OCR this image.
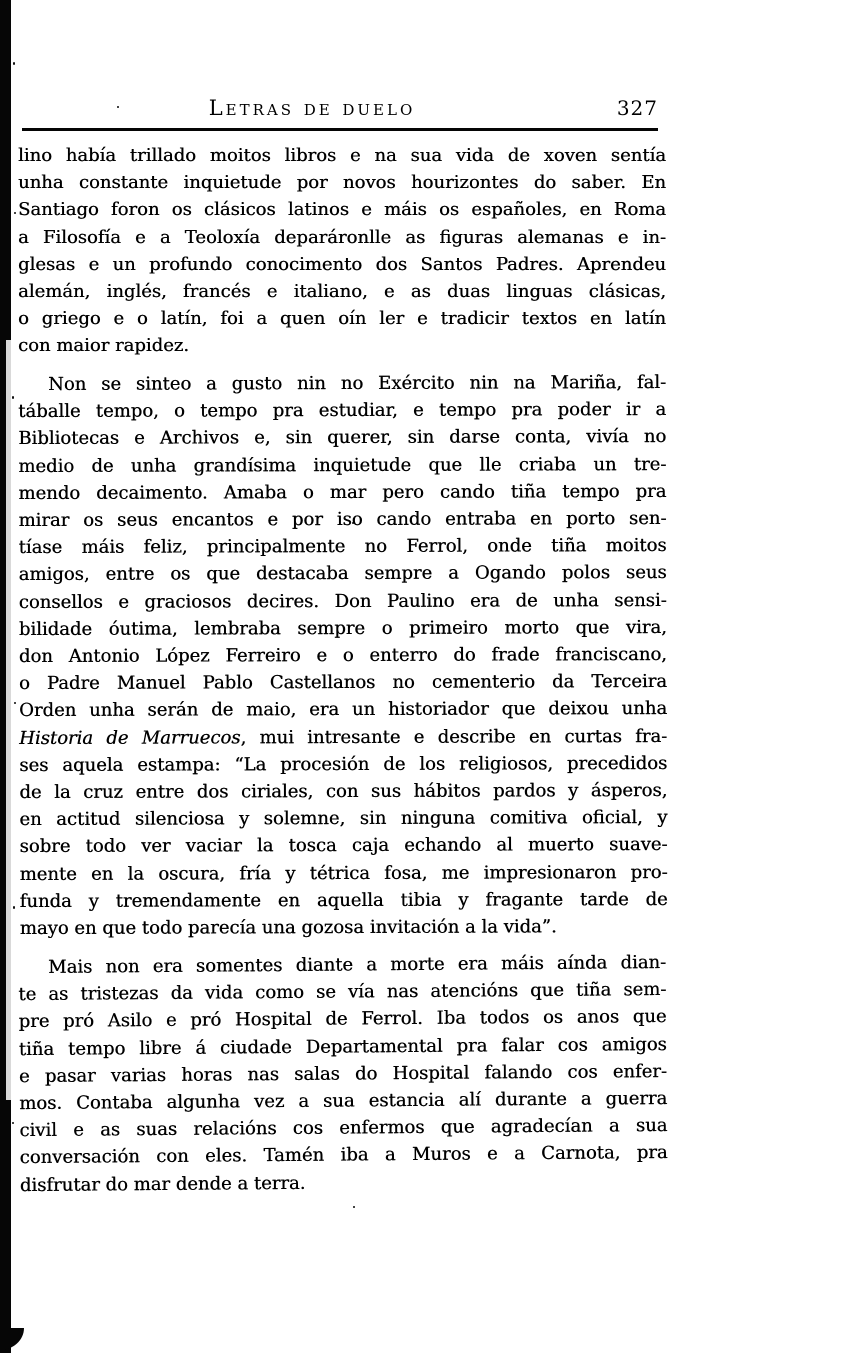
Letras de duelo	327
lino había trillado moitos libros e na sua vida de xoven sentía
unha constante inquietude por novos hourizontes do saber. En
Santiago foron os clásicos latinos e máis os españoles, en Roma
a Filosofía e a Teoloxía deparáronlle as figuras alemanas e in-
glesas e un profundo conocimento dos Santos Padres. Aprendeu
alemán, inglés, francés e italiano, e as duas linguas clásicas,
o griego e o latín, foi a quen oín ler e tradicir textos en latín
con maior rapidez.
Non se sinteo a gusto nin no Exército nin na Mariña, fal-
táballe tempo, o tempo pra estudiar, e tempo pra poder ir a
Bibliotecas e Archivos e, sin querer, sin darse conta, vivía no
medio de unha grandísima inquietude que lle criaba un tre-
mendo decaimento. Amaba o mar pero cando tiña tempo pra
mirar os seus encantos e por iso cando entraba en porto sen-
tíase máis feliz, principalmente no Ferrol, onde tiña moitos
amigos, entre os que destacaba sempre a Ogando polos seus
consellos e graciosos decires. Don Paulino era de unha sensi-
bilidade óutima, lembraba sempre o primeiro morto que vira,
don Antonio López Ferreiro e o enterro do frade franciscano,
o Padre Manuel Pablo Castellanos no cementerio da Terceira
Orden unha serán de maio, era un historiador que deixou unha
Historia de Marruecos, mui intresante e describe en curtas fra-
ses aquela estampa: “La procesión de los religiosos, precedidos
de la cruz entre dos ciriales, con sus hábitos pardos y ásperos,
en actitud silenciosa y solemne, sin ninguna comitiva oficial, y
sobre todo ver vaciar la tosca caja echando al muerto suave-
mente en la oscura, fría y tétrica fosa, me impresionaron pro-
funda y tremendamente en aquella tibia y fragante tarde de
mayo en que todo parecía una gozosa invitación a la vida”.
Mais non era somentes diante a morte era máis aínda dian-
te as tristezas da vida como se vía nas atencións que tiña sem-
pre pró Asilo e pró Hospital de Ferrol. Iba todos os anos que
tiña tempo libre á ciudade Departamental pra falar cos amigos
e pasar varias horas nas salas do Hospital falando cos enfer-
mos. Contaba algunha vez a sua estancia alí durante a guerra
civil e as suas relacións cos enfermos que agradecían a sua
conversación con eles. Tamén iba a Muros e a Carnota, pra
disfrutar do mar dende a terra.
